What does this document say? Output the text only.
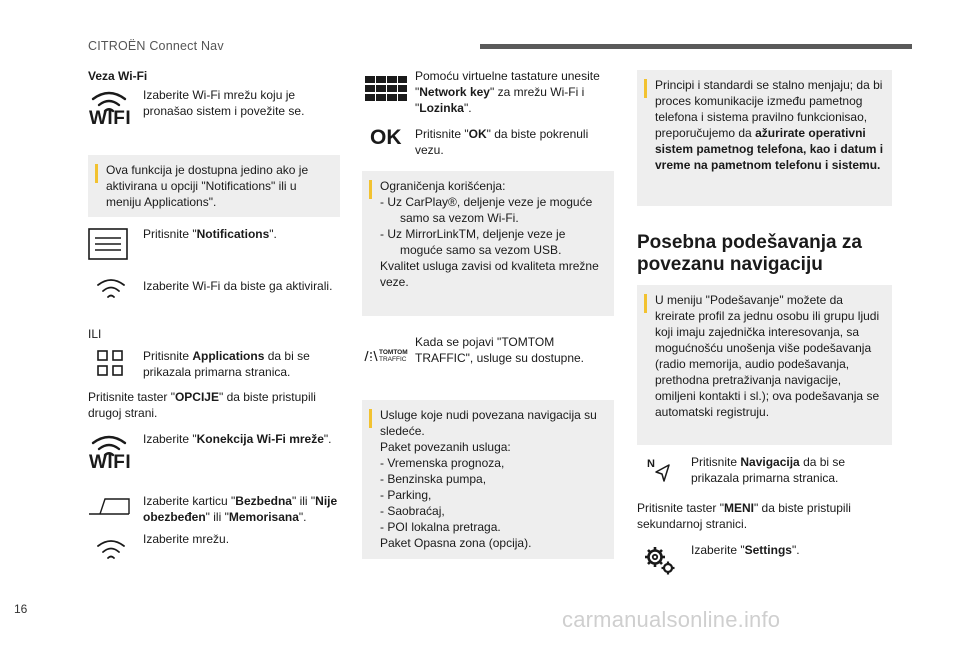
CITROËN Connect Nav
Veza Wi-Fi
WIFI
Izaberite Wi-Fi mrežu koju je pronašao sistem i povežite se.
Ova funkcija je dostupna jedino ako je aktivirana u opciji "Notifications" ili u meniju Applications".
Pritisnite "Notifications".
Izaberite Wi-Fi da biste ga aktivirali.
ILI
Pritisnite Applications da bi se prikazala primarna stranica.
Pritisnite taster "OPCIJE" da biste pristupili drugoj strani.
WIFI
Izaberite "Konekcija Wi-Fi mreže".
Izaberite karticu "Bezbedna" ili "Nije obezbeđen" ili "Memorisana".
Izaberite mrežu.
Pomoću virtuelne tastature unesite "Network key" za mrežu Wi-Fi i "Lozinka".
OK Pritisnite "OK" da biste pokrenuli vezu.
Ograničenja korišćenja:
- Uz CarPlay®, deljenje veze je moguće samo sa vezom Wi-Fi.
- Uz MirrorLinkTM, deljenje veze je moguće samo sa vezom USB.
Kvalitet usluga zavisi od kvaliteta mrežne veze.
TOMTOM
TRAFFIC
Kada se pojavi "TOMTOM TRAFFIC", usluge su dostupne.
Usluge koje nudi povezana navigacija su sledeće.
Paket povezanih usluga:
- Vremenska prognoza,
- Benzinska pumpa,
- Parking,
- Saobraćaj,
- POI lokalna pretraga.
Paket Opasna zona (opcija).
Principi i standardi se stalno menjaju; da bi proces komunikacije između pametnog telefona i sistema pravilno funkcionisao, preporučujemo da ažurirate operativni sistem pametnog telefona, kao i datum i vreme na pametnom telefonu i sistemu.
Posebna podešavanja za povezanu navigaciju
U meniju "Podešavanje" možete da kreirate profil za jednu osobu ili grupu ljudi koji imaju zajednička interesovanja, sa mogućnošću unošenja više podešavanja (radio memorija, audio podešavanja, prethodna pretraživanja navigacije, omiljeni kontakti i sl.); ova podešavanja se automatski registruju.
N	Pritisnite Navigacija da bi se prikazala primarna stranica.
Pritisnite taster "MENI" da biste pristupili sekundarnoj stranici.
Izaberite "Settings".
16	carmanualsonline.info
